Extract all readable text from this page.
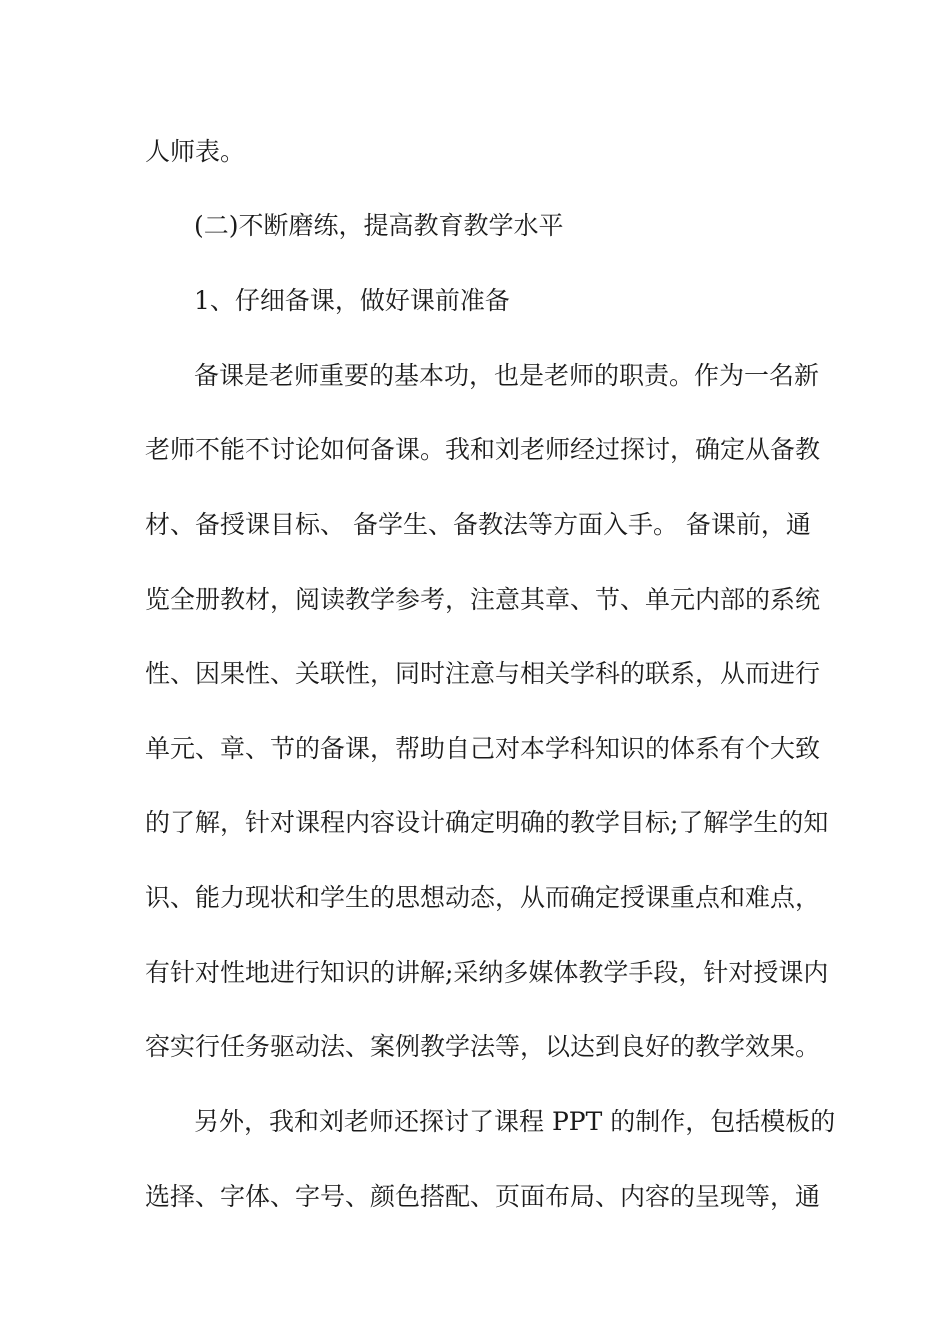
人师表。

(二)不断磨练，提高教育教学水平

1、仔细备课，做好课前准备

备课是老师重要的基本功，也是老师的职责。作为一名新

老师不能不讨论如何备课。我和刘老师经过探讨，确定从备教

材、备授课目标、 备学生、备教法等方面入手。 备课前，通

览全册教材，阅读教学参考，注意其章、节、单元内部的系统

性、因果性、关联性，同时注意与相关学科的联系，从而进行

单元、章、节的备课，帮助自己对本学科知识的体系有个大致

的了解，针对课程内容设计确定明确的教学目标;了解学生的知

识、能力现状和学生的思想动态，从而确定授课重点和难点，

有针对性地进行知识的讲解;采纳多媒体教学手段，针对授课内

容实行任务驱动法、案例教学法等，以达到良好的教学效果。

另外，我和刘老师还探讨了课程 PPT 的制作，包括模板的

选择、字体、字号、颜色搭配、页面布局、内容的呈现等，通
